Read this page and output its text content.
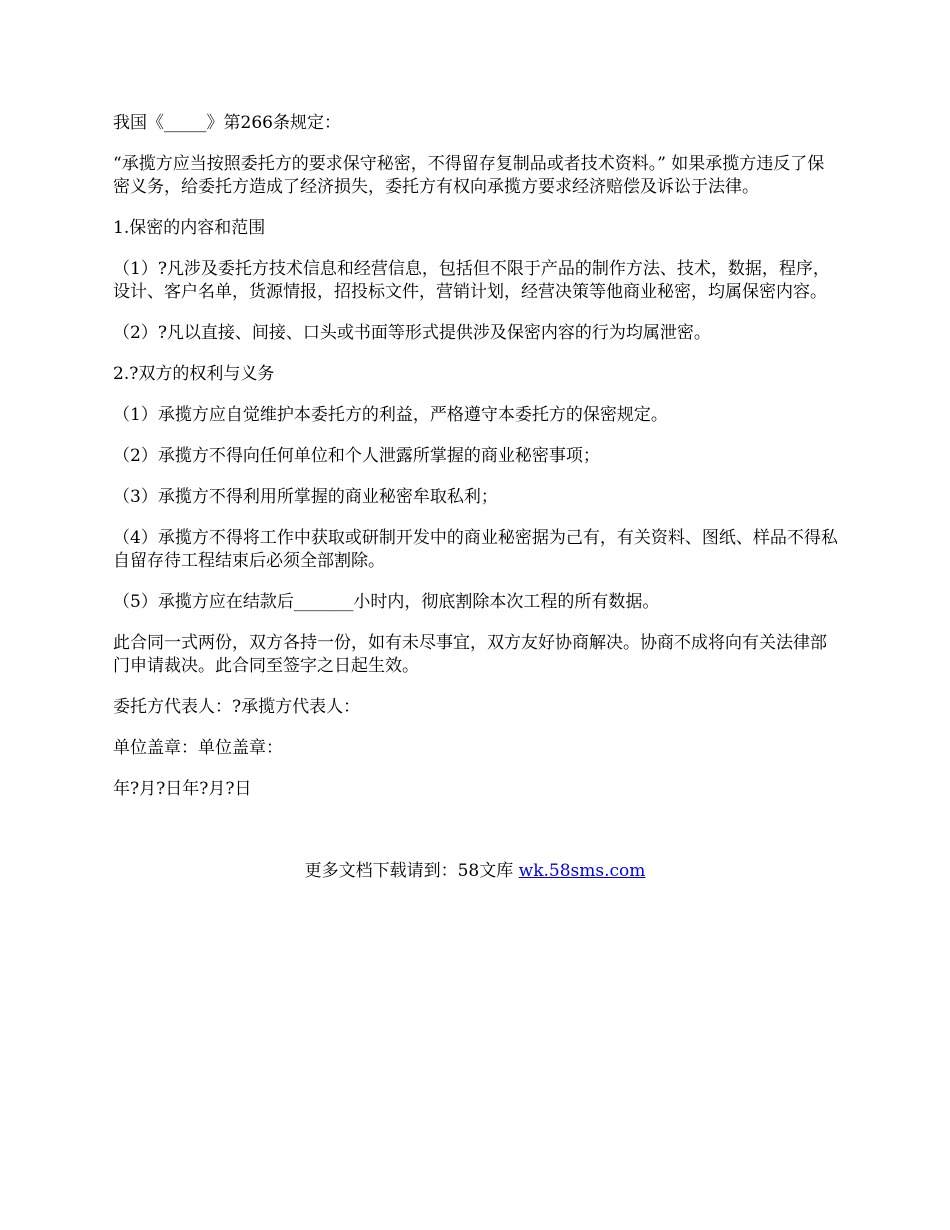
我国《_____》第266条规定：

“承揽方应当按照委托方的要求保守秘密，不得留存复制品或者技术资料。” 如果承揽方违反了保密义务，给委托方造成了经济损失，委托方有权向承揽方要求经济赔偿及诉讼于法律。

1.保密的内容和范围

（1）?凡涉及委托方技术信息和经营信息，包括但不限于产品的制作方法、技术，数据，程序，设计、客户名单，货源情报，招投标文件，营销计划，经营决策等他商业秘密，均属保密内容。

（2）?凡以直接、间接、口头或书面等形式提供涉及保密内容的行为均属泄密。

2.?双方的权利与义务

（1）承揽方应自觉维护本委托方的利益，严格遵守本委托方的保密规定。

（2）承揽方不得向任何单位和个人泄露所掌握的商业秘密事项；

（3）承揽方不得利用所掌握的商业秘密牟取私利；

（4）承揽方不得将工作中获取或研制开发中的商业秘密据为己有，有关资料、图纸、样品不得私自留存待工程结束后必须全部割除。

（5）承揽方应在结款后_______小时内，彻底割除本次工程的所有数据。

此合同一式两份，双方各持一份，如有未尽事宜，双方友好协商解决。协商不成将向有关法律部门申请裁决。此合同至签字之日起生效。

委托方代表人：?承揽方代表人：

单位盖章：单位盖章：

年?月?日年?月?日

更多文档下载请到：58文库 wk.58sms.com
